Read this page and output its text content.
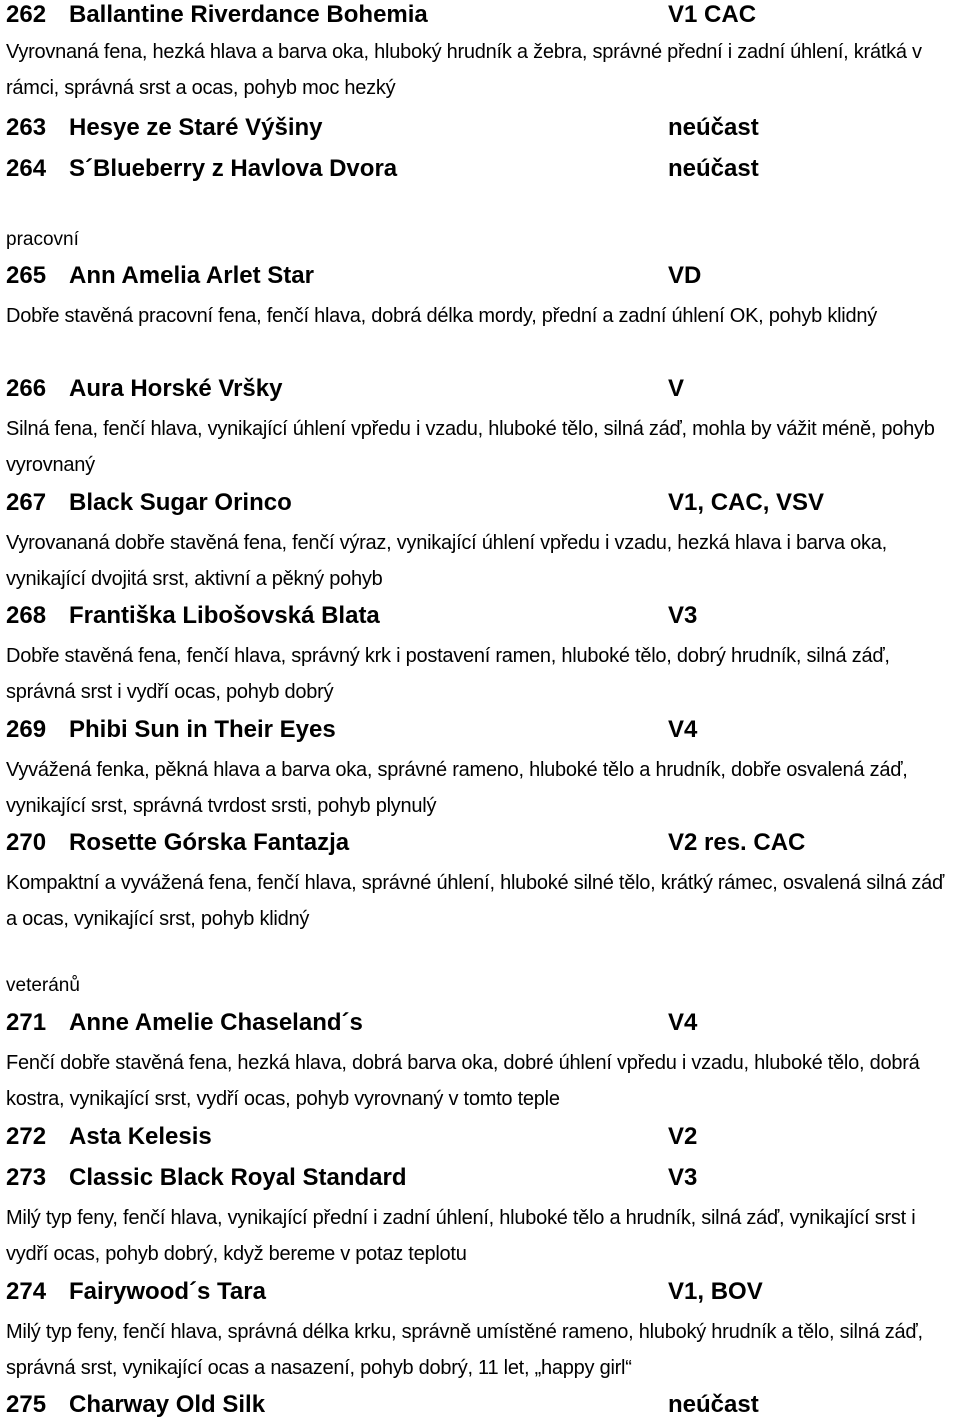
262 Ballantine Riverdance Bohemia	V1 CAC
Vyrovnaná fena, hezká hlava a barva oka, hluboký hrudník a žebra, správné přední i zadní úhlení, krátká v rámci, správná srst a ocas, pohyb moc hezký
263 Hesye ze Staré Výšiny	neúčast
264 S´Blueberry z Havlova Dvora	neúčast
pracovní
265 Ann Amelia Arlet Star	VD
Dobře stavěná pracovní fena, fenčí hlava, dobrá délka mordy, přední a zadní úhlení OK, pohyb klidný
266 Aura Horské Vršky	V
Silná fena, fenčí hlava, vynikající úhlení vpředu i vzadu, hluboké tělo, silná záď, mohla by vážit méně, pohyb vyrovnaný
267 Black Sugar Orinco	V1, CAC, VSV
Vyrovananá dobře stavěná fena, fenčí výraz, vynikající úhlení vpředu i vzadu, hezká hlava i barva oka, vynikající dvojitá srst, aktivní a pěkný pohyb
268 Františka Libošovská Blata	V3
Dobře stavěná fena, fenčí hlava, správný krk i postavení ramen, hluboké tělo, dobrý hrudník, silná záď, správná srst i vydří ocas, pohyb dobrý
269 Phibi Sun in Their Eyes	V4
Vyvážená fenka, pěkná hlava a barva oka, správné rameno, hluboké tělo a hrudník, dobře osvalená záď, vynikající srst, správná tvrdost srsti, pohyb plynulý
270 Rosette Górska Fantazja	V2 res. CAC
Kompaktní a vyvážená fena, fenčí hlava, správné úhlení, hluboké silné tělo, krátký rámec, osvalená silná záď a ocas, vynikající srst, pohyb klidný
veteránů
271 Anne Amelie Chaseland´s	V4
Fenčí dobře stavěná fena, hezká hlava, dobrá barva oka, dobré úhlení vpředu i vzadu, hluboké tělo, dobrá kostra, vynikající srst, vydří ocas, pohyb vyrovnaný v tomto teple
272 Asta Kelesis	V2
273 Classic Black Royal Standard	V3
Milý typ feny, fenčí hlava, vynikající přední i zadní úhlení, hluboké tělo a hrudník, silná záď, vynikající srst i vydří ocas, pohyb dobrý, když bereme v potaz teplotu
274 Fairywood´s Tara	V1, BOV
Milý typ feny, fenčí hlava, správná délka krku, správně umístěné rameno, hluboký hrudník a tělo, silná záď, správná srst, vynikající ocas a nasazení, pohyb dobrý, 11 let, „happy girl“
275 Charway Old Silk	neúčast
